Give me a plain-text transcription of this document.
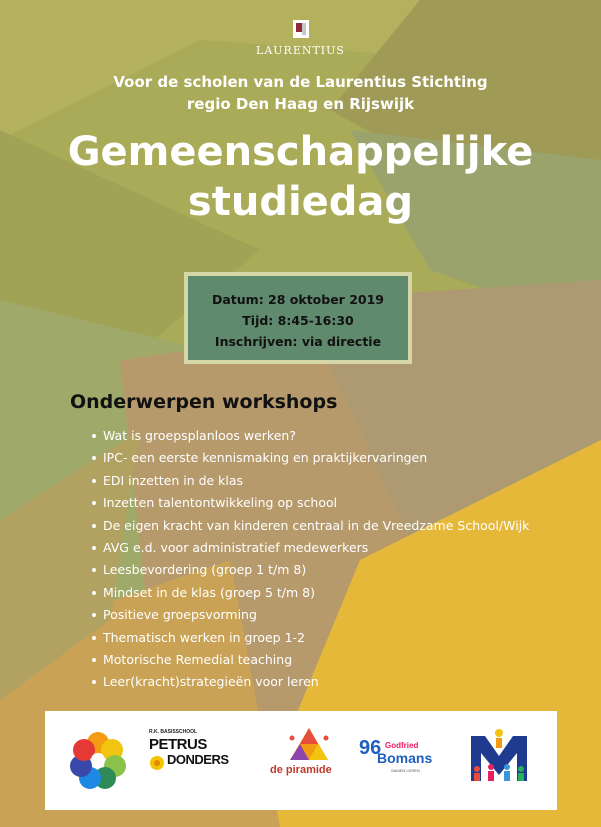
LAURENTIUS
Voor de scholen van de Laurentius Stichting
regio Den Haag en Rijswijk
Gemeenschappelijke
studiedag
Datum: 28 oktober 2019
Tijd: 8:45-16:30
Inschrijven: via directie
Onderwerpen workshops
Wat is groepsplanloos werken?
IPC- een eerste kennismaking en praktijkervaringen
EDI inzetten in de klas
Inzetten talentontwikkeling op school
De eigen kracht van kinderen centraal in de Vreedzame School/Wijk
AVG e.d. voor administratief medewerkers
Leesbevordering (groep 1 t/m 8)
Mindset in de klas (groep 5 t/m 8)
Positieve groepsvorming
Thematisch werken in groep 1-2
Motorische Remedial teaching
Leer(kracht)strategieën voor leren
R.K. BASISSCHOOL
PETRUS
DONDERS
de piramide
96 Godfried
Bomans
SAMEN LEREN
